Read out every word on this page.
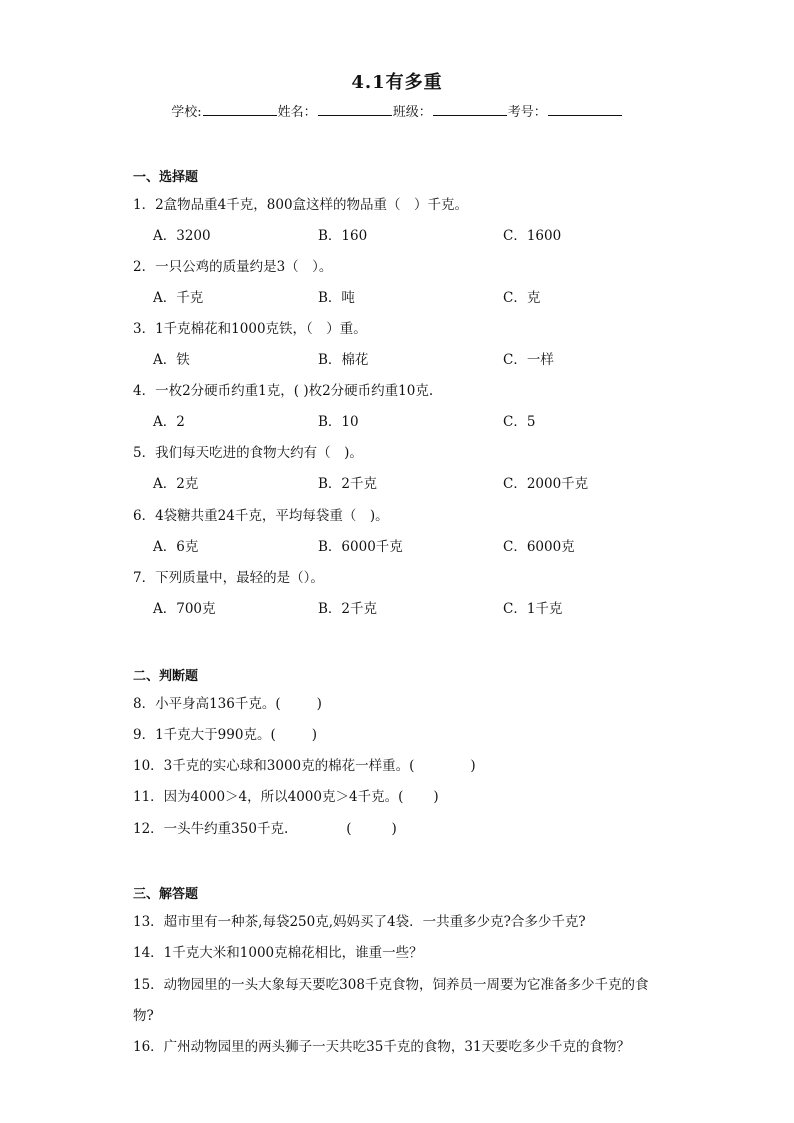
4.1有多重
学校:	姓名：	班级：	考号：
一、选择题
1．2盒物品重4千克，800盒这样的物品重（　）千克。
A．3200	B．160	C．1600
2．一只公鸡的质量约是3（　）。
A．千克	B．吨	C．克
3．1千克棉花和1000克铁，（　）重。
A．铁	B．棉花	C．一样
4．一枚2分硬币约重1克，( )枚2分硬币约重10克.
A．2	B．10	C．5
5．我们每天吃进的食物大约有（　)。
A．2克	B．2千克	C．2000千克
6．4袋糖共重24千克，平均每袋重（　)。
A．6克	B．6000千克	C．6000克
7．下列质量中，最轻的是（）。
A．700克	B．2千克	C．1千克
二、判断题
8．小平身高136千克。(	)
9．1千克大于990克。(	)
10．3千克的实心球和3000克的棉花一样重。(	)
11．因为4000＞4，所以4000克＞4千克。( )
12．一头牛约重350千克.	(	)
三、解答题
13．超市里有一种茶,每袋250克,妈妈买了4袋．一共重多少克?合多少千克?
14．1千克大米和1000克棉花相比，谁重一些？
15．动物园里的一头大象每天要吃308千克食物，饲养员一周要为它准备多少千克的食
物?
16．广州动物园里的两头狮子一天共吃35千克的食物，31天要吃多少千克的食物？
